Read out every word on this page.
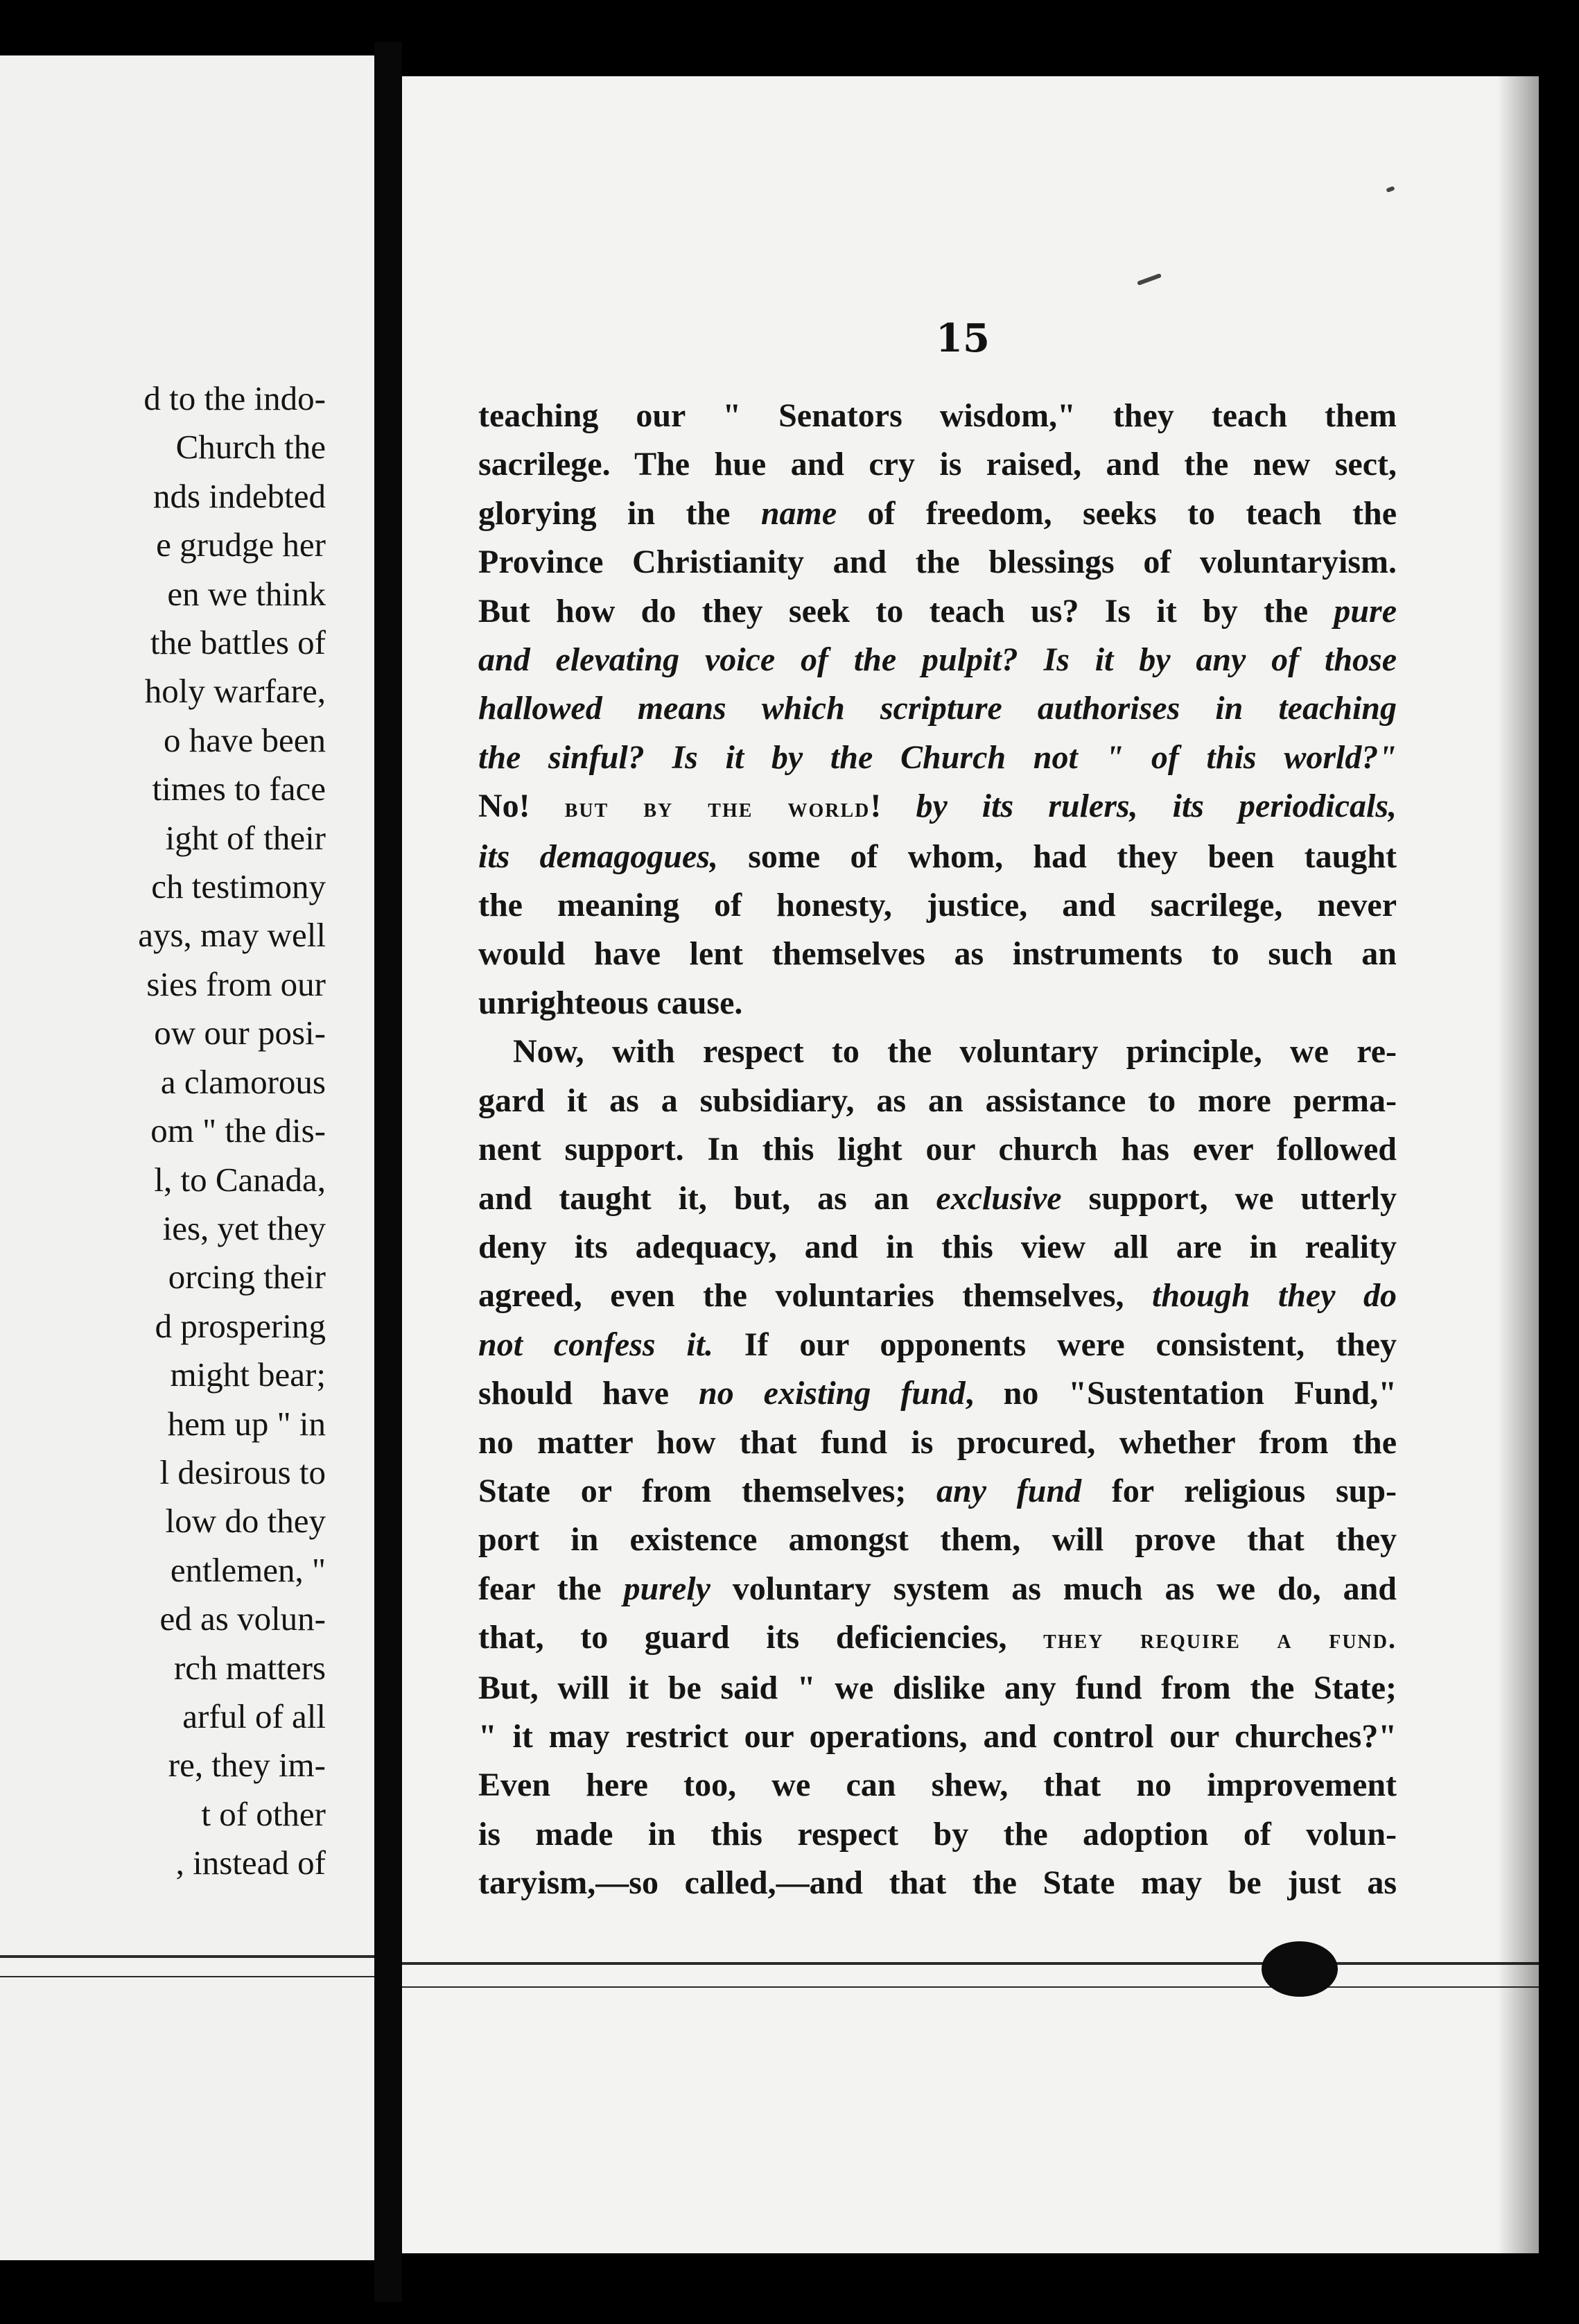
d to the indo-
Church the
nds indebted
e grudge her
en we think
the battles of
holy warfare,
o have been
times to face
ight of their
ch testimony
ays, may well
sies from our
ow our posi-
a clamorous
om " the dis-
l, to Canada,
ies, yet they
orcing their
d prospering
might bear;
hem up " in
l desirous to
low do they
entlemen, "
ed as volun-
rch matters
arful of all
re, they im-
t of other
, instead of
15

teaching our " Senators wisdom," they teach them
sacrilege. The hue and cry is raised, and the new sect,
glorying in the name of freedom, seeks to teach the
Province Christianity and the blessings of voluntaryism.
But how do they seek to teach us? Is it by the pure
and elevating voice of the pulpit? Is it by any of those
hallowed means which scripture authorises in teaching
the sinful? Is it by the Church not " of this world?"
No! but by the world! by its rulers, its periodicals,
its demagogues, some of whom, had they been taught
the meaning of honesty, justice, and sacrilege, never
would have lent themselves as instruments to such an
unrighteous cause.

Now, with respect to the voluntary principle, we re-
gard it as a subsidiary, as an assistance to more perma-
nent support. In this light our church has ever followed
and taught it, but, as an exclusive support, we utterly
deny its adequacy, and in this view all are in reality
agreed, even the voluntaries themselves, though they do
not confess it. If our opponents were consistent, they
should have no existing fund, no "Sustentation Fund,"
no matter how that fund is procured, whether from the
State or from themselves; any fund for religious sup-
port in existence amongst them, will prove that they
fear the purely voluntary system as much as we do, and
that, to guard its deficiencies, they require a fund.
But, will it be said " we dislike any fund from the State;
" it may restrict our operations, and control our churches?"
Even here too, we can shew, that no improvement
is made in this respect by the adoption of volun-
taryism,—so called,—and that the State may be just as
